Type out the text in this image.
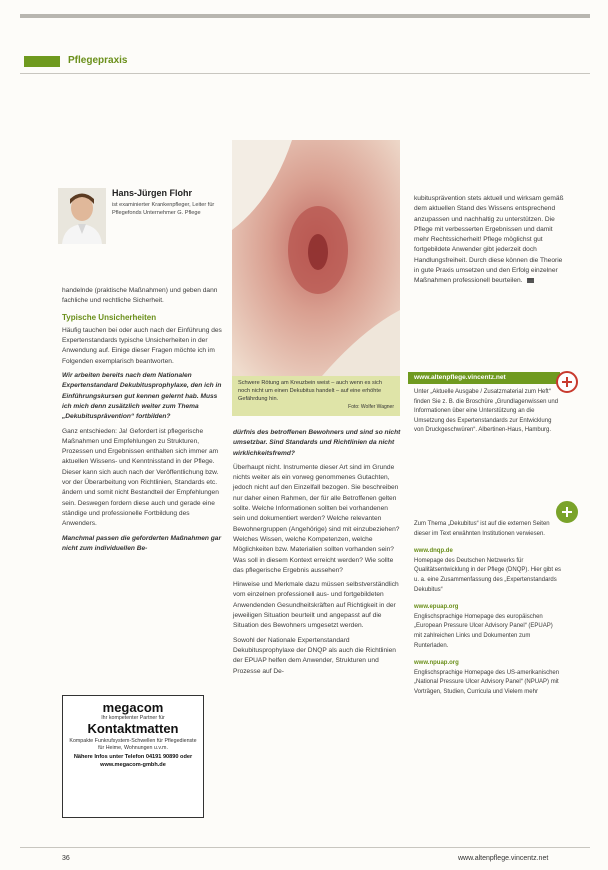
Pflegepraxis
Hans-Jürgen Flohr
ist examinierter Krankenpfleger, Leiter für Pflegefonds Unternehmer G. Pflege

handelnde (praktische Maßnahmen) und geben dann fachliche und rechtliche Sicherheit.

Typische Unsicherheiten

Häufig tauchen bei oder auch nach der Einführung des Expertenstandards typische Unsicherheiten in der Anwendung auf. Einige dieser Fragen möchte ich im Folgenden exemplarisch beantworten.

Wir arbeiten bereits nach dem Nationalen Expertenstandard Dekubitusprophylaxe, den ich in Einführungskursen gut kennen gelernt hab. Muss ich mich denn zusätzlich weiter zum Thema „Dekubitusprävention“ fortbilden?

Ganz entschieden: Ja! Gefordert ist pflegerische Maßnahmen und Empfehlungen zu Strukturen, Prozessen und Ergebnissen enthalten sich immer am aktuellen Wissens- und Kenntnisstand in der Pflege. Dieser kann sich auch nach der Veröffentlichung bzw. vor der Überarbeitung von Richtlinien, Standards etc. ändern und somit nicht Bestandteil der Empfehlungen sein. Deswegen fordern diese auch und gerade eine ständige und professionelle Fortbildung des Anwenders.

Manchmal passen die geforderten Maßnahmen gar nicht zum individuellen Be-

Schwere Rötung am Kreuzbein weist – auch wenn es sich noch nicht um einen Dekubitus handelt – auf eine erhöhte Gefährdung hin.
Foto: Wolfer Wagner

dürfnis des betroffenen Bewohners und sind so nicht umsetzbar. Sind Standards und Richtlinien da nicht wirklichkeitsfremd?

Überhaupt nicht. Instrumente dieser Art sind im Grunde nichts weiter als ein vorweg genommenes Gutachten, jedoch nicht auf den Einzelfall bezogen. Sie beschreiben nur daher einen Rahmen, der für alle Betroffenen gelten sollte. Welche Informationen sollten bei vorhandenen sein und dokumentiert werden? Welche relevanten Bewohnergruppen (Angehörige) sind mit einzubeziehen? Welches Wissen, welche Kompetenzen, welche Möglichkeiten bzw. Materialien sollten vorhanden sein? Was soll in diesem Kontext erreicht werden? Wie sollte das pflegerische Ergebnis aussehen?

Hinweise und Merkmale dazu müssen selbstverständlich vom einzelnen professionell aus- und fortgebildeten Anwendenden Gesundheitskräften auf Richtigkeit in der jeweiligen Situation beurteilt und angepasst auf die Situation des Bewohners umgesetzt werden.

Sowohl der Nationale Expertenstandard Dekubitusprophylaxe der DNQP als auch die Richtlinien der EPUAP helfen dem Anwender, Strukturen und Prozesse auf Dе-

kubitusprävention stets aktuell und wirksam gemäß dem aktuellen Stand des Wissens entsprechend anzupassen und nachhaltig zu unterstützen. Die Pflege mit verbesserten Ergebnissen und damit mehr Rechtssicherheit! Pflege möglichst gut fortgebildete Anwender gibt jederzeit doch Handlungsfreiheit. Durch diese können die Theorie in gute Praxis umsetzen und den Erfolg einzelner Maßnahmen professionell beurteilen.

www.altenpflege.vincentz.net
Unter „Aktuelle Ausgabe / Zusatzmaterial zum Heft“ finden Sie z. B. die Broschüre „Grundlagenwissen und Informationen über eine Unterstützung an die Umsetzung des Expertenstandards zur Entwicklung von Druckgeschwüren“. Albertinen-Haus, Hamburg.
Zum Thema „Dekubitus“ ist auf die externen Seiten dieser im Text erwähnten Institutionen verwiesen.
www.dnqp.de
Homepage des Deutschen Netzwerks für Qualitätsentwicklung in der Pflege (DNQP). Hier gibt es u. a. eine Zusammenfassung des „Expertenstandards Dekubitus“
www.epuap.org
Englischsprachige Homepage des europäischen „European Pressure Ulcer Advisory Panel“ (EPUAP) mit zahlreichen Links und Dokumenten zum Runterladen.
www.npuap.org
Englischsprachige Homepage des US-amerikanischen „National Pressure Ulcer Advisory Panel“ (NPUAP) mit Vorträgen, Studien, Curricula und Vielem mehr
megacom
Ihr kompetenter Partner für
Kontaktmatten
Kompakte Funkrufsystem-Schwellen für Pflegedienste für Heime, Wohnungen u.v.m.
Nähere Infos unter Telefon 04191 90890 oder www.megacom-gmbh.de
36	www.altenpflege.vincentz.net
